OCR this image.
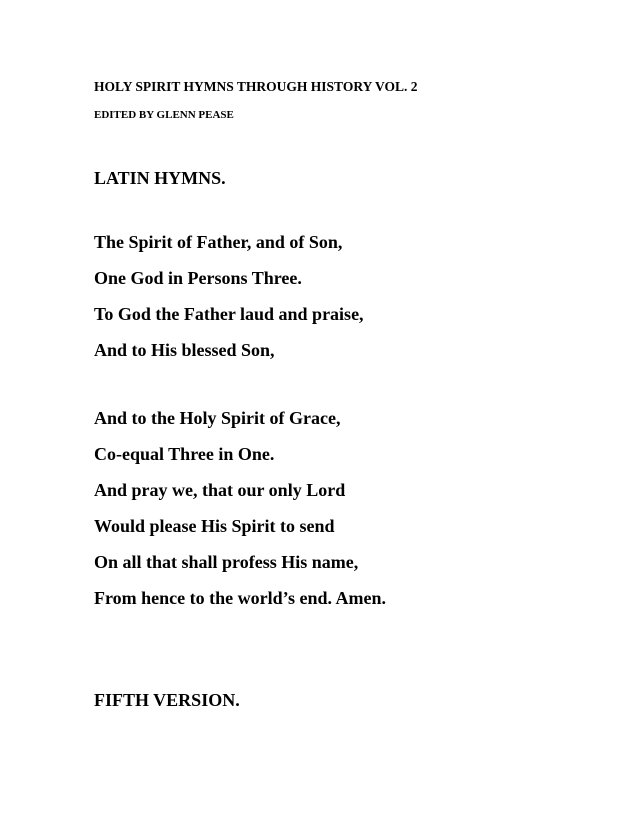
HOLY SPIRIT HYMNS THROUGH HISTORY VOL. 2
EDITED BY GLENN PEASE
LATIN HYMNS.
The Spirit of Father, and of Son,
One God in Persons Three.
To God the Father laud and praise,
And to His blessed Son,
And to the Holy Spirit of Grace,
Co-equal Three in One.
And pray we, that our only Lord
Would please His Spirit to send
On all that shall profess His name,
From hence to the world’s end. Amen.
FIFTH VERSION.
